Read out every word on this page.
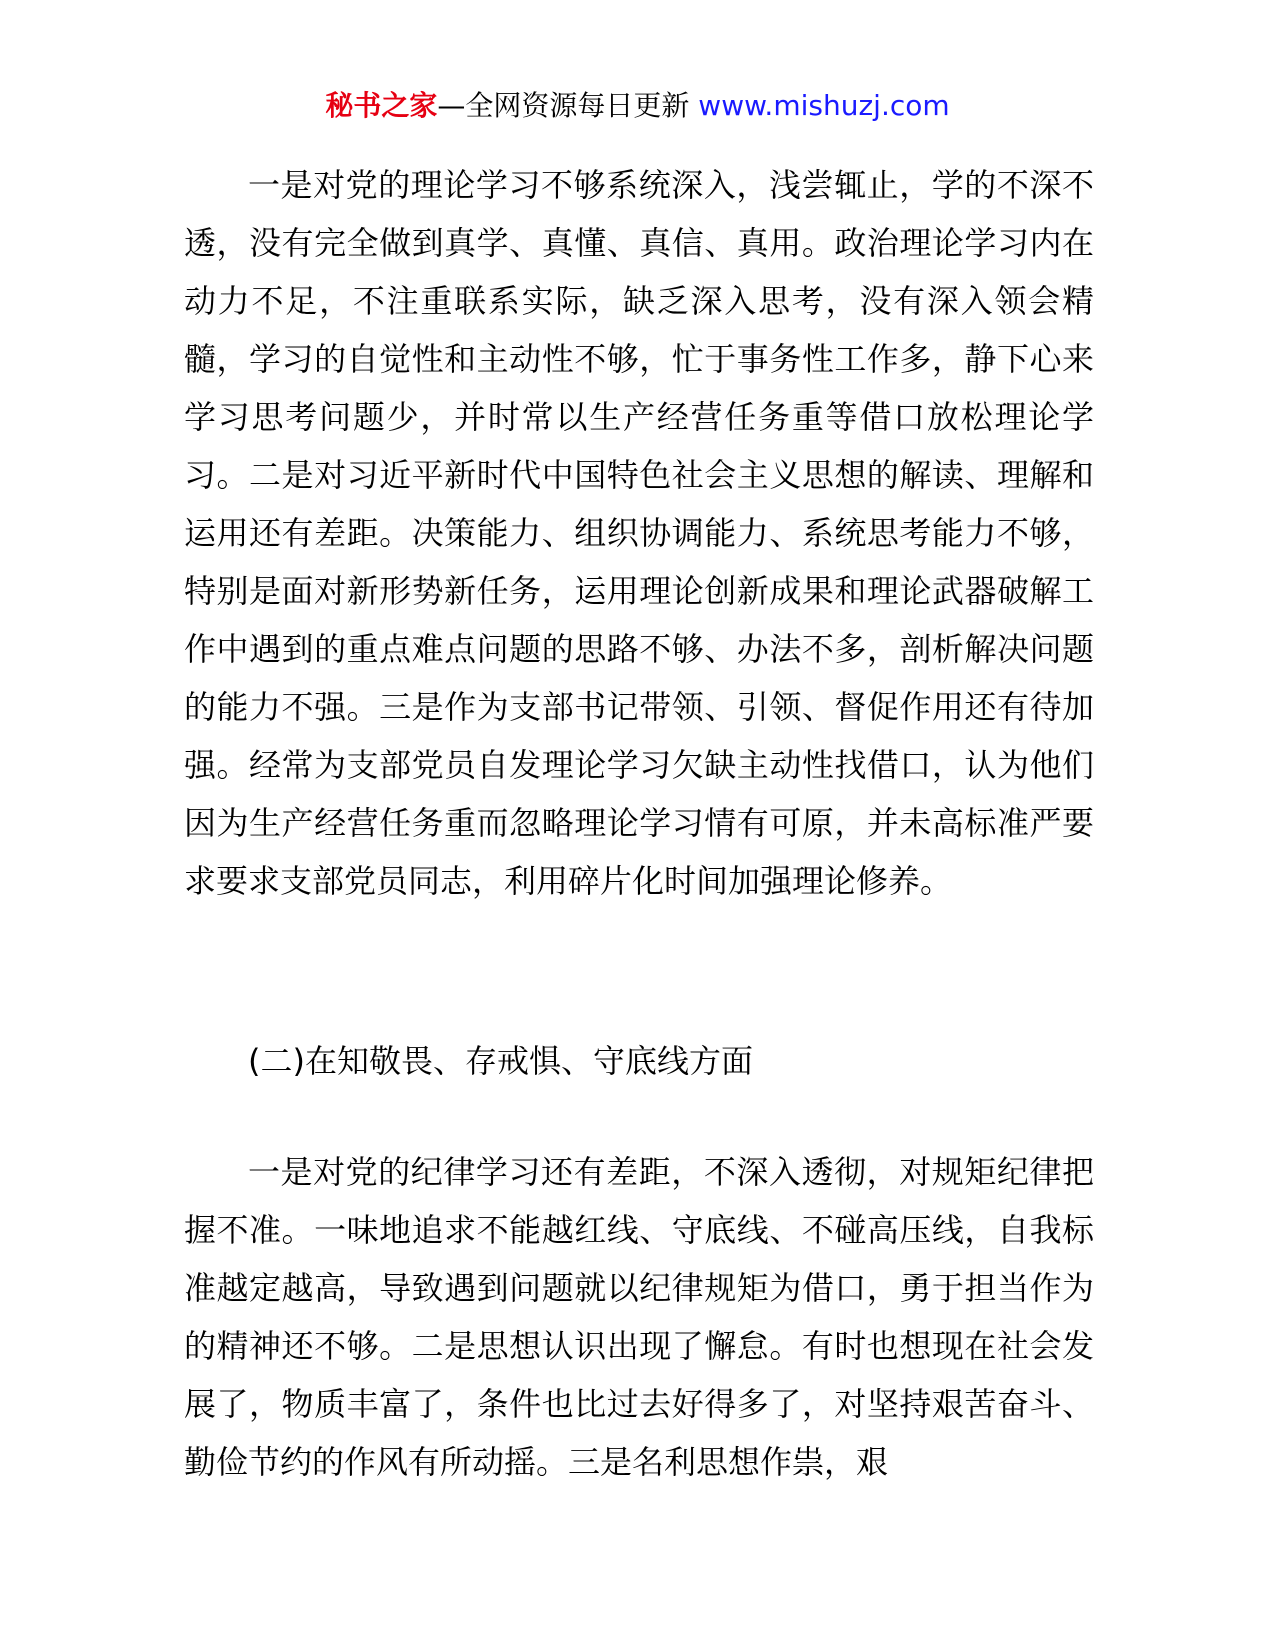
秘书之家—全网资源每日更新 www.mishuzj.com

一是对党的理论学习不够系统深入，浅尝辄止，学的不深不透，没有完全做到真学、真懂、真信、真用。政治理论学习内在动力不足，不注重联系实际，缺乏深入思考，没有深入领会精髓，学习的自觉性和主动性不够，忙于事务性工作多，静下心来学习思考问题少，并时常以生产经营任务重等借口放松理论学习。二是对习近平新时代中国特色社会主义思想的解读、理解和运用还有差距。决策能力、组织协调能力、系统思考能力不够，特别是面对新形势新任务，运用理论创新成果和理论武器破解工作中遇到的重点难点问题的思路不够、办法不多，剖析解决问题的能力不强。三是作为支部书记带领、引领、督促作用还有待加强。经常为支部党员自发理论学习欠缺主动性找借口，认为他们因为生产经营任务重而忽略理论学习情有可原，并未高标准严要求要求支部党员同志，利用碎片化时间加强理论修养。

(二)在知敬畏、存戒惧、守底线方面

一是对党的纪律学习还有差距，不深入透彻，对规矩纪律把握不准。一味地追求不能越红线、守底线、不碰高压线，自我标准越定越高，导致遇到问题就以纪律规矩为借口，勇于担当作为的精神还不够。二是思想认识出现了懈怠。有时也想现在社会发展了，物质丰富了，条件也比过去好得多了，对坚持艰苦奋斗、勤俭节约的作风有所动摇。三是名利思想作祟，艰
